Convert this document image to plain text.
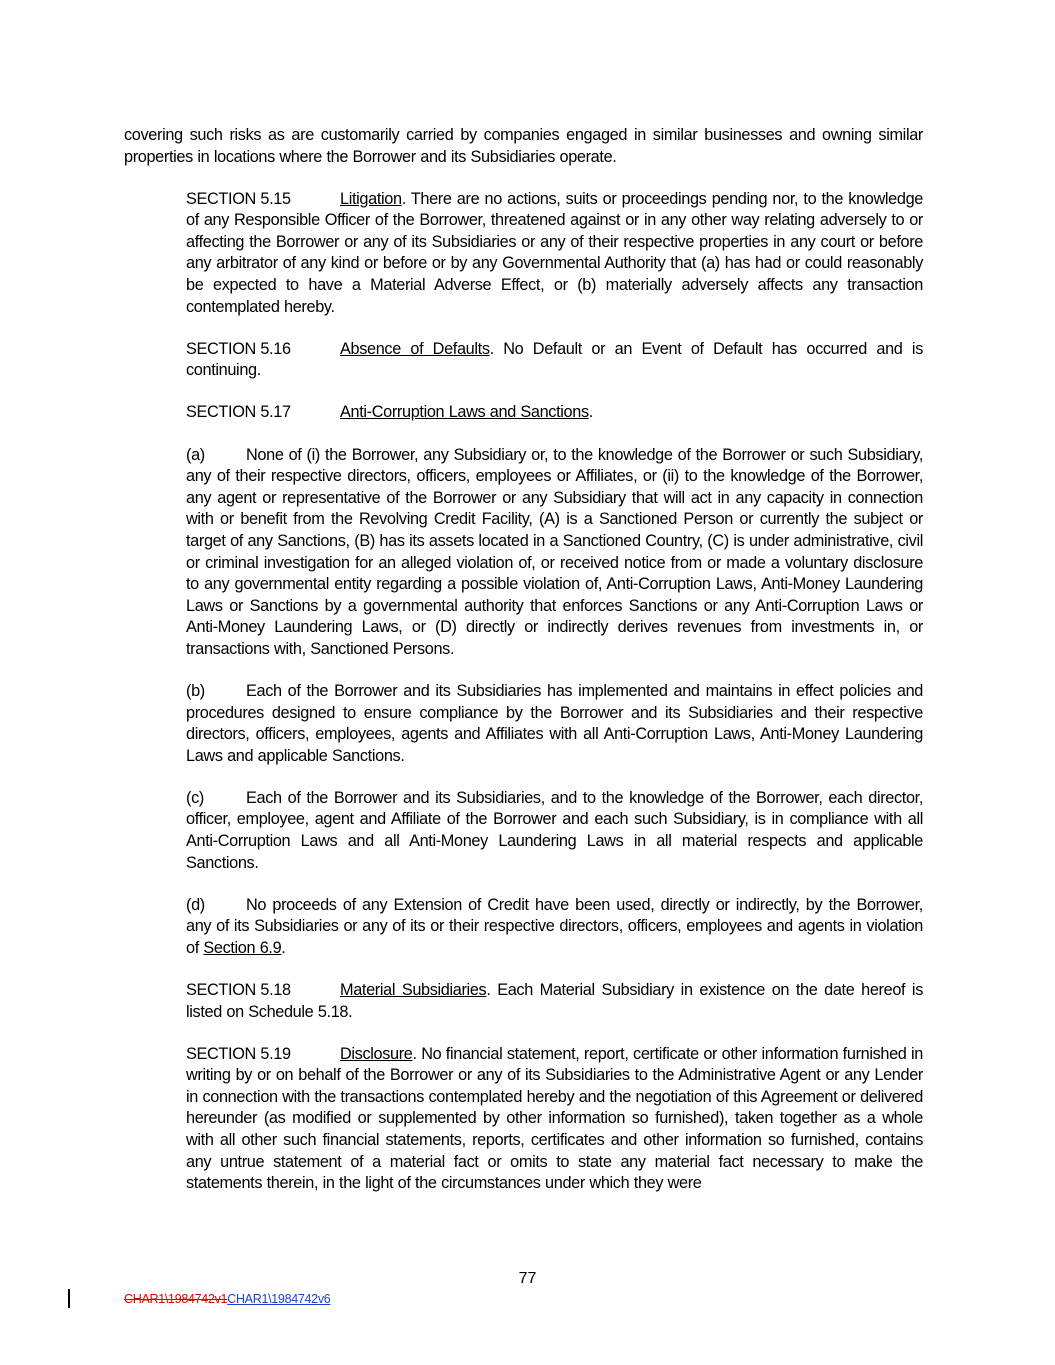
covering such risks as are customarily carried by companies engaged in similar businesses and owning similar properties in locations where the Borrower and its Subsidiaries operate.

SECTION 5.15	Litigation. There are no actions, suits or proceedings pending nor, to the knowledge of any Responsible Officer of the Borrower, threatened against or in any other way relating adversely to or affecting the Borrower or any of its Subsidiaries or any of their respective properties in any court or before any arbitrator of any kind or before or by any Governmental Authority that (a) has had or could reasonably be expected to have a Material Adverse Effect, or (b) materially adversely affects any transaction contemplated hereby.

SECTION 5.16	Absence of Defaults. No Default or an Event of Default has occurred and is continuing.

SECTION 5.17	Anti-Corruption Laws and Sanctions.

(a)	None of (i) the Borrower, any Subsidiary or, to the knowledge of the Borrower or such Subsidiary, any of their respective directors, officers, employees or Affiliates, or (ii) to the knowledge of the Borrower, any agent or representative of the Borrower or any Subsidiary that will act in any capacity in connection with or benefit from the Revolving Credit Facility, (A) is a Sanctioned Person or currently the subject or target of any Sanctions, (B) has its assets located in a Sanctioned Country, (C) is under administrative, civil or criminal investigation for an alleged violation of, or received notice from or made a voluntary disclosure to any governmental entity regarding a possible violation of, Anti-Corruption Laws, Anti-Money Laundering Laws or Sanctions by a governmental authority that enforces Sanctions or any Anti-Corruption Laws or Anti-Money Laundering Laws, or (D) directly or indirectly derives revenues from investments in, or transactions with, Sanctioned Persons.

(b)	Each of the Borrower and its Subsidiaries has implemented and maintains in effect policies and procedures designed to ensure compliance by the Borrower and its Subsidiaries and their respective directors, officers, employees, agents and Affiliates with all Anti-Corruption Laws, Anti-Money Laundering Laws and applicable Sanctions.

(c)	Each of the Borrower and its Subsidiaries, and to the knowledge of the Borrower, each director, officer, employee, agent and Affiliate of the Borrower and each such Subsidiary, is in compliance with all Anti-Corruption Laws and all Anti-Money Laundering Laws in all material respects and applicable Sanctions.

(d)	No proceeds of any Extension of Credit have been used, directly or indirectly, by the Borrower, any of its Subsidiaries or any of its or their respective directors, officers, employees and agents in violation of Section 6.9.

SECTION 5.18	Material Subsidiaries. Each Material Subsidiary in existence on the date hereof is listed on Schedule 5.18.

SECTION 5.19	Disclosure. No financial statement, report, certificate or other information furnished in writing by or on behalf of the Borrower or any of its Subsidiaries to the Administrative Agent or any Lender in connection with the transactions contemplated hereby and the negotiation of this Agreement or delivered hereunder (as modified or supplemented by other information so furnished), taken together as a whole with all other such financial statements, reports, certificates and other information so furnished, contains any untrue statement of a material fact or omits to state any material fact necessary to make the statements therein, in the light of the circumstances under which they were

77
CHAR1\1984742v1CHAR1\1984742v6
